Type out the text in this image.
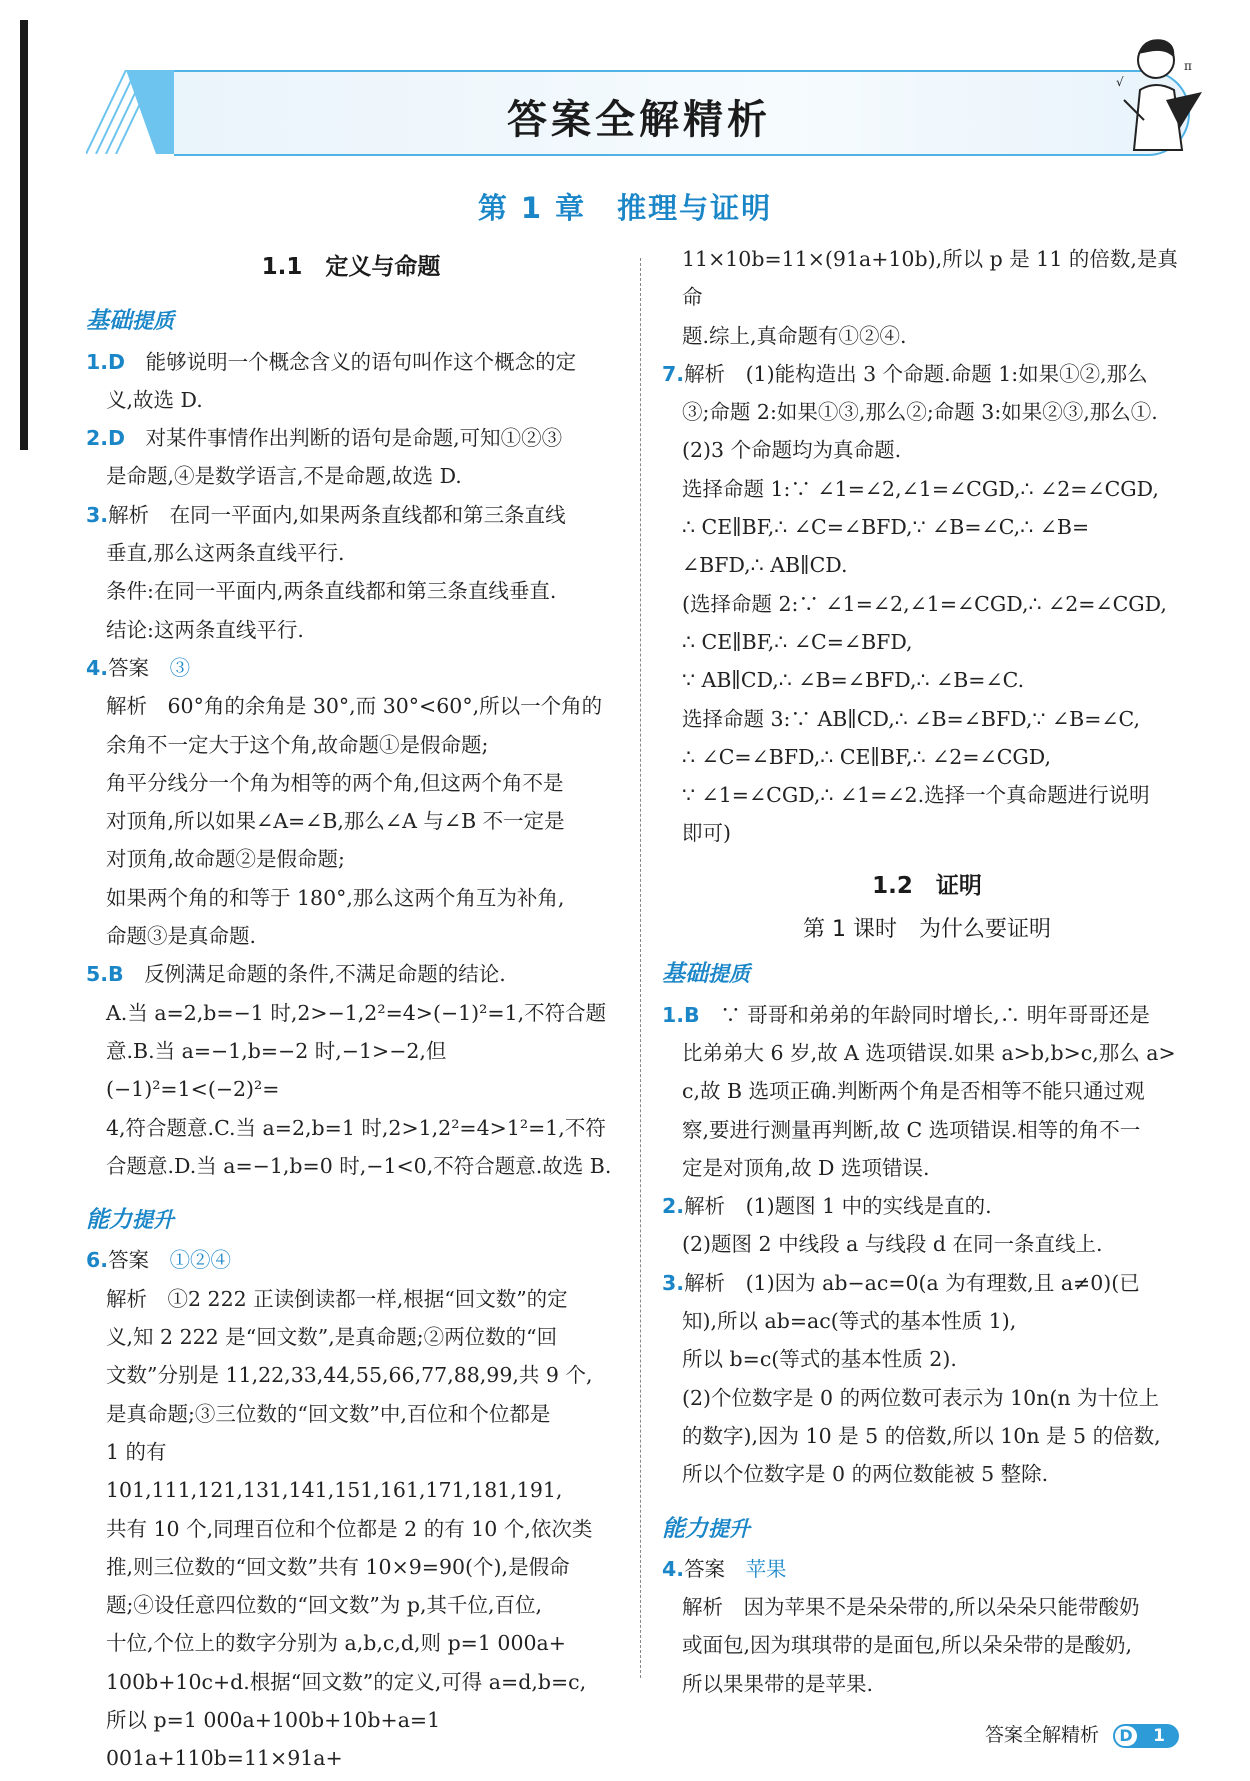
答案全解精析
π
√
第 1 章　推理与证明
1.1　定义与命题
基础提质

1.D　 能够说明一个概念含义的语句叫作这个概念的定

义,故选 D.

2.D　 对某件事情作出判断的语句是命题,可知①②③

是命题,④是数学语言,不是命题,故选 D.

3.解析　 在同一平面内,如果两条直线都和第三条直线

垂直,那么这两条直线平行.

条件:在同一平面内,两条直线都和第三条直线垂直.

结论:这两条直线平行.

4.答案　 ③

解析　 60°角的余角是 30°,而 30°<60°,所以一个角的

余角不一定大于这个角,故命题①是假命题;

角平分线分一个角为相等的两个角,但这两个角不是

对顶角,所以如果∠A=∠B,那么∠A 与∠B 不一定是

对顶角,故命题②是假命题;

如果两个角的和等于 180°,那么这两个角互为补角,

命题③是真命题.

5.B　 反例满足命题的条件,不满足命题的结论.

A.当 a=2,b=−1 时,2>−1,2²=4>(−1)²=1,不符合题

意.B.当 a=−1,b=−2 时,−1>−2,但(−1)²=1<(−2)²=

4,符合题意.C.当 a=2,b=1 时,2>1,2²=4>1²=1,不符

合题意.D.当 a=−1,b=0 时,−1<0,不符合题意.故选 B.

能力提升

6.答案　 ①②④

解析　 ①2 222 正读倒读都一样,根据“回文数”的定

义,知 2 222 是“回文数”,是真命题;②两位数的“回

文数”分别是 11,22,33,44,55,66,77,88,99,共 9 个,

是真命题;③三位数的“回文数”中,百位和个位都是

1 的有 101,111,121,131,141,151,161,171,181,191,

共有 10 个,同理百位和个位都是 2 的有 10 个,依次类

推,则三位数的“回文数”共有 10×9=90(个),是假命

题;④设任意四位数的“回文数”为 p,其千位,百位,

十位,个位上的数字分别为 a,b,c,d,则 p=1 000a+

100b+10c+d.根据“回文数”的定义,可得 a=d,b=c,

所以 p=1 000a+100b+10b+a=1 001a+110b=11×91a+

11×10b=11×(91a+10b),所以 p 是 11 的倍数,是真命

题.综上,真命题有①②④.

7.解析　 (1)能构造出 3 个命题.命题 1:如果①②,那么

③;命题 2:如果①③,那么②;命题 3:如果②③,那么①.

(2)3 个命题均为真命题.

选择命题 1:∵ ∠1=∠2,∠1=∠CGD,∴ ∠2=∠CGD,

∴ CE∥BF,∴ ∠C=∠BFD,∵ ∠B=∠C,∴ ∠B=

∠BFD,∴ AB∥CD.

(选择命题 2:∵ ∠1=∠2,∠1=∠CGD,∴ ∠2=∠CGD,

∴ CE∥BF,∴ ∠C=∠BFD,

∵ AB∥CD,∴ ∠B=∠BFD,∴ ∠B=∠C.

选择命题 3:∵ AB∥CD,∴ ∠B=∠BFD,∵ ∠B=∠C,

∴ ∠C=∠BFD,∴ CE∥BF,∴ ∠2=∠CGD,

∵ ∠1=∠CGD,∴ ∠1=∠2.选择一个真命题进行说明

即可)

1.2　证明
第 1 课时　为什么要证明
基础提质

1.B　 ∵ 哥哥和弟弟的年龄同时增长,∴ 明年哥哥还是

比弟弟大 6 岁,故 A 选项错误.如果 a>b,b>c,那么 a>

c,故 B 选项正确.判断两个角是否相等不能只通过观

察,要进行测量再判断,故 C 选项错误.相等的角不一

定是对顶角,故 D 选项错误.

2.解析　 (1)题图 1 中的实线是直的.

(2)题图 2 中线段 a 与线段 d 在同一条直线上.

3.解析　 (1)因为 ab−ac=0(a 为有理数,且 a≠0)(已

知),所以 ab=ac(等式的基本性质 1),

所以 b=c(等式的基本性质 2).

(2)个位数字是 0 的两位数可表示为 10n(n 为十位上

的数字),因为 10 是 5 的倍数,所以 10n 是 5 的倍数,

所以个位数字是 0 的两位数能被 5 整除.

能力提升

4.答案　 苹果

解析　 因为苹果不是朵朵带的,所以朵朵只能带酸奶

或面包,因为琪琪带的是面包,所以朵朵带的是酸奶,

所以果果带的是苹果.

答案全解精析 D	1
